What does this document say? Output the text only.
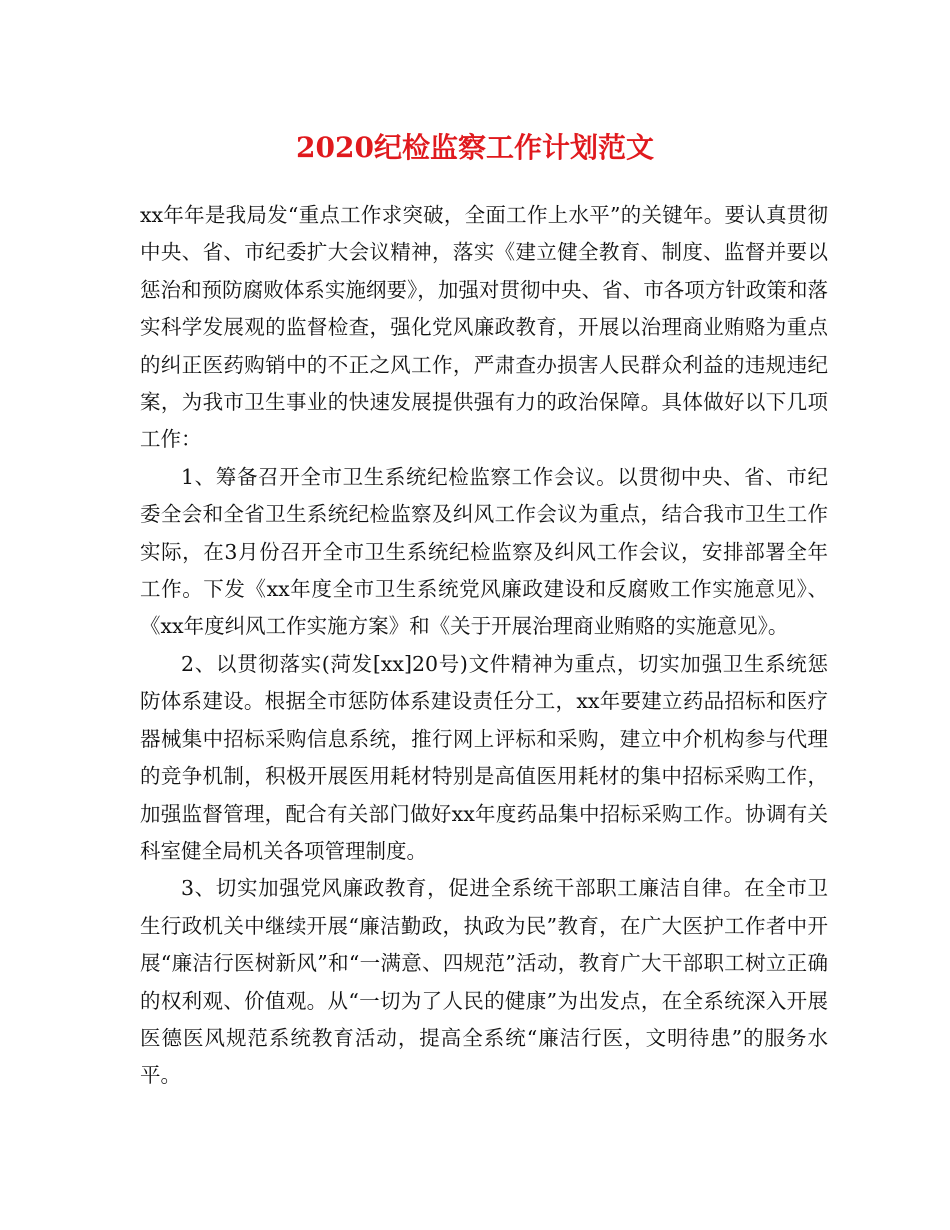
2020纪检监察工作计划范文

xx年年是我局发“重点工作求突破，全面工作上水平”的关键年。要认真贯彻中央、省、市纪委扩大会议精神，落实《建立健全教育、制度、监督并要以惩治和预防腐败体系实施纲要》，加强对贯彻中央、省、市各项方针政策和落实科学发展观的监督检查，强化党风廉政教育，开展以治理商业贿赂为重点的纠正医药购销中的不正之风工作，严肃查办损害人民群众利益的违规违纪案，为我市卫生事业的快速发展提供强有力的政治保障。具体做好以下几项工作：

1、筹备召开全市卫生系统纪检监察工作会议。以贯彻中央、省、市纪委全会和全省卫生系统纪检监察及纠风工作会议为重点，结合我市卫生工作实际，在3月份召开全市卫生系统纪检监察及纠风工作会议，安排部署全年工作。下发《xx年度全市卫生系统党风廉政建设和反腐败工作实施意见》、《xx年度纠风工作实施方案》和《关于开展治理商业贿赂的实施意见》。

2、以贯彻落实(菏发[xx]20号)文件精神为重点，切实加强卫生系统惩防体系建设。根据全市惩防体系建设责任分工，xx年要建立药品招标和医疗器械集中招标采购信息系统，推行网上评标和采购，建立中介机构参与代理的竞争机制，积极开展医用耗材特别是高值医用耗材的集中招标采购工作，加强监督管理，配合有关部门做好xx年度药品集中招标采购工作。协调有关科室健全局机关各项管理制度。

3、切实加强党风廉政教育，促进全系统干部职工廉洁自律。在全市卫生行政机关中继续开展“廉洁勤政，执政为民”教育，在广大医护工作者中开展“廉洁行医树新风”和“一满意、四规范”活动，教育广大干部职工树立正确的权利观、价值观。从“一切为了人民的健康”为出发点，在全系统深入开展医德医风规范系统教育活动，提高全系统“廉洁行医，文明待患”的服务水平。
